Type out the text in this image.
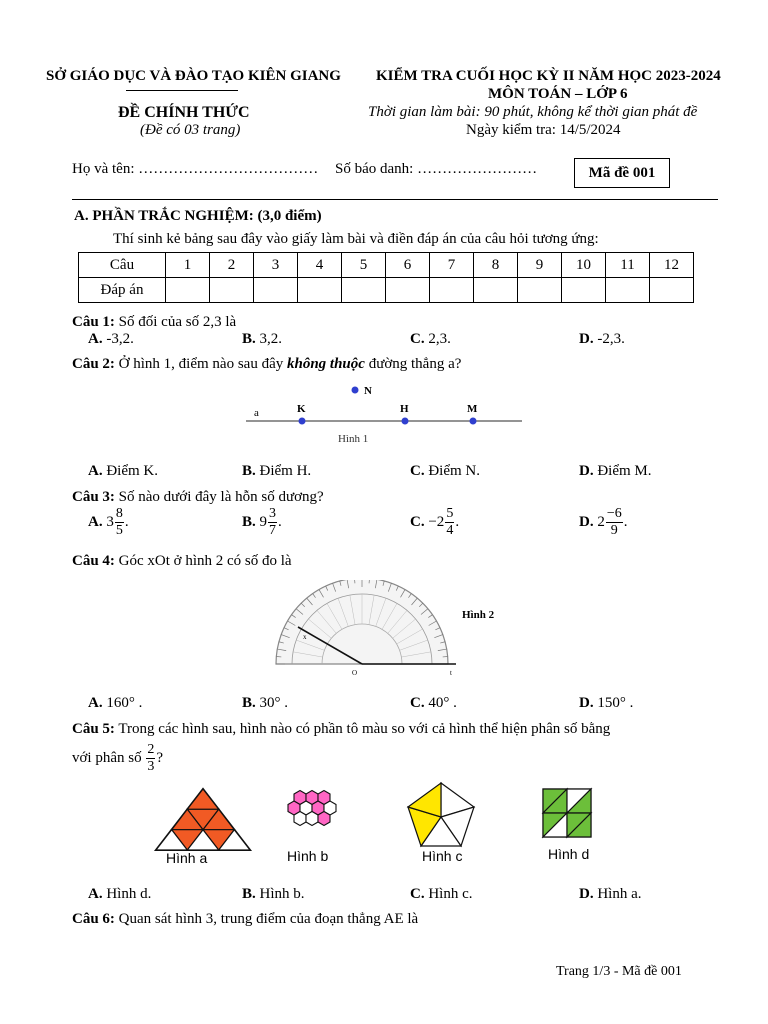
SỞ GIÁO DỤC VÀ ĐÀO TẠO KIÊN GIANG
ĐỀ CHÍNH THỨC
(Đề có 03 trang)
KIỂM TRA CUỐI HỌC KỲ II NĂM HỌC 2023-2024
MÔN TOÁN – LỚP 6
Thời gian làm bài: 90 phút, không kể thời gian phát đề
Ngày kiểm tra: 14/5/2024
Họ và tên: ……………………………… Số báo danh: ……………………	Mã đề 001
A. PHẦN TRẮC NGHIỆM: (3,0 điểm)
Thí sinh kẻ bảng sau đây vào giấy làm bài và điền đáp án của câu hỏi tương ứng:
Câu	1	2	3	4	5	6	7	8	9	10	11	12
Đáp án												
Câu 1: Số đối của số 2,3 là
A. -3,2.	B. 3,2.	C. 2,3.	D. -2,3.
Câu 2: Ở hình 1, điểm nào sau đây không thuộc đường thẳng a?
a	K	H	M
N
Hình 1
A. Điểm K.	B. Điểm H.	C. Điểm N.	D. Điểm M.
Câu 3: Số nào dưới đây là hỗn số dương?
A. $3 \frac{8}{5}$ .	B. $9 \frac{3}{7}$ .	C. $-2 \frac{5}{4}$ .	D. $2 \frac{-6}{9}$ .
Câu 4: Góc xOt ở hình 2 có số đo là
x
O	t
Hình 2
A. 160° .	B. 30° .	C. 40° .	D. 150° .
Câu 5: Trong các hình sau, hình nào có phần tô màu so với cả hình thể hiện phân số bằng
với phân số $\frac{2}{3}$ ?
Hình a	Hình b	Hình c	Hình d
A. Hình d.	B. Hình b.	C. Hình c.	D. Hình a.
Câu 6: Quan sát hình 3, trung điểm của đoạn thẳng AE là
Trang 1/3 - Mã đề 001
